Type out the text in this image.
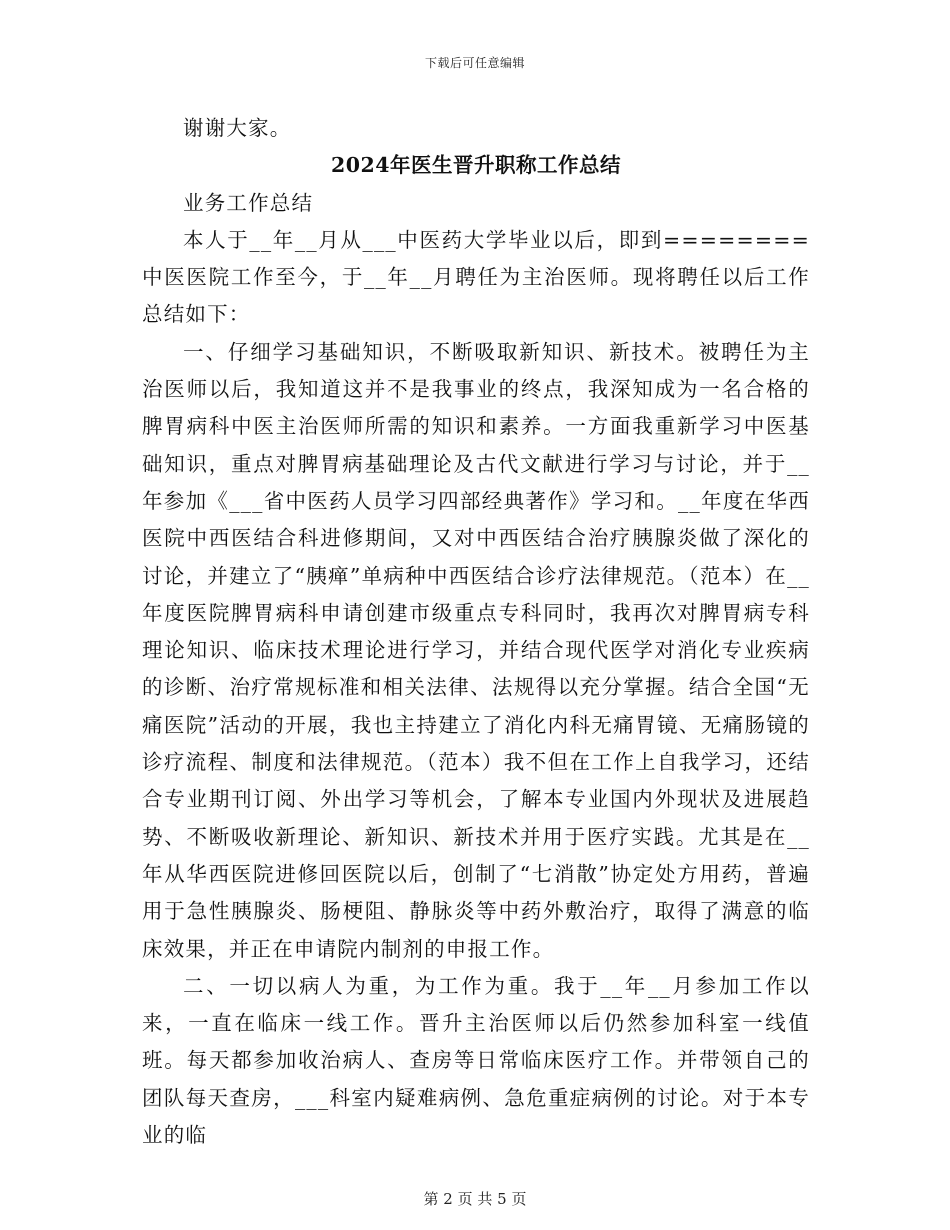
下载后可任意编辑

谢谢大家。

2024年医生晋升职称工作总结

业务工作总结

本人于__年__月从___中医药大学毕业以后，即到========中医医院工作至今，于__年__月聘任为主治医师。现将聘任以后工作总结如下：

一、仔细学习基础知识，不断吸取新知识、新技术。被聘任为主治医师以后，我知道这并不是我事业的终点，我深知成为一名合格的脾胃病科中医主治医师所需的知识和素养。一方面我重新学习中医基础知识，重点对脾胃病基础理论及古代文献进行学习与讨论，并于__年参加《___省中医药人员学习四部经典著作》学习和。__年度在华西医院中西医结合科进修期间，又对中西医结合治疗胰腺炎做了深化的讨论，并建立了“胰瘅”单病种中西医结合诊疗法律规范。（范本）在__年度医院脾胃病科申请创建市级重点专科同时，我再次对脾胃病专科理论知识、临床技术理论进行学习，并结合现代医学对消化专业疾病的诊断、治疗常规标准和相关法律、法规得以充分掌握。结合全国“无痛医院”活动的开展，我也主持建立了消化内科无痛胃镜、无痛肠镜的诊疗流程、制度和法律规范。（范本）我不但在工作上自我学习，还结合专业期刊订阅、外出学习等机会，了解本专业国内外现状及进展趋势、不断吸收新理论、新知识、新技术并用于医疗实践。尤其是在__年从华西医院进修回医院以后，创制了“七消散”协定处方用药，普遍用于急性胰腺炎、肠梗阻、静脉炎等中药外敷治疗，取得了满意的临床效果，并正在申请院内制剂的申报工作。

二、一切以病人为重，为工作为重。我于__年__月参加工作以来，一直在临床一线工作。晋升主治医师以后仍然参加科室一线值班。每天都参加收治病人、查房等日常临床医疗工作。并带领自己的团队每天查房，___科室内疑难病例、急危重症病例的讨论。对于本专业的临

第 2 页 共 5 页
